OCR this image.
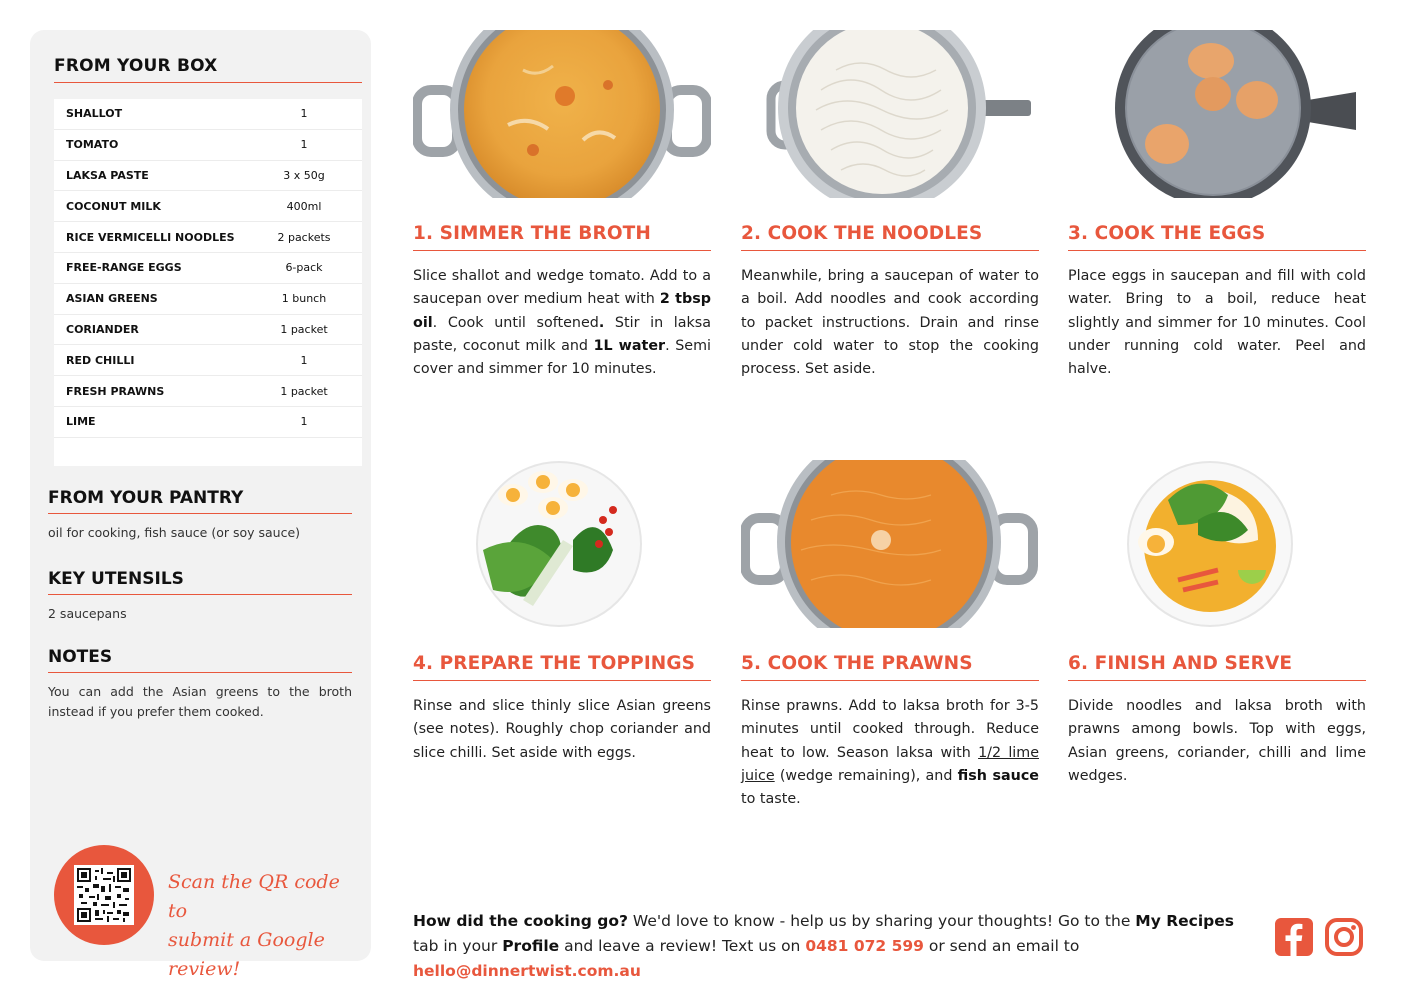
FROM YOUR BOX
SHALLOT	1
TOMATO	1
LAKSA PASTE	3 x 50g
COCONUT MILK	400ml
RICE VERMICELLI NOODLES	2 packets
FREE-RANGE EGGS	6-pack
ASIAN GREENS	1 bunch
CORIANDER	1 packet
RED CHILLI	1
FRESH PRAWNS	1 packet
LIME	1
FROM YOUR PANTRY
oil for cooking, fish sauce (or soy sauce)
KEY UTENSILS
2 saucepans
NOTES
You can add the Asian greens to the broth instead if you prefer them cooked.
Scan the QR code to
submit a Google review!
1. SIMMER THE BROTH
Slice shallot and wedge tomato. Add to a saucepan over medium heat with 2 tbsp oil. Cook until softened. Stir in laksa paste, coconut milk and 1L water. Semi cover and simmer for 10 minutes.
2. COOK THE NOODLES
Meanwhile, bring a saucepan of water to a boil. Add noodles and cook according to packet instructions. Drain and rinse under cold water to stop the cooking process. Set aside.
3. COOK THE EGGS
Place eggs in saucepan and fill with cold water. Bring to a boil, reduce heat slightly and simmer for 10 minutes. Cool under running cold water. Peel and halve.
4. PREPARE THE TOPPINGS
Rinse and slice thinly slice Asian greens (see notes). Roughly chop coriander and slice chilli. Set aside with eggs.
5. COOK THE PRAWNS
Rinse prawns. Add to laksa broth for 3-5 minutes until cooked through. Reduce heat to low. Season laksa with 1/2 lime juice (wedge remaining), and fish sauce to taste.
6. FINISH AND SERVE
Divide noodles and laksa broth with prawns among bowls. Top with eggs, Asian greens, coriander, chilli and lime wedges.
How did the cooking go? We'd love to know - help us by sharing your thoughts! Go to the My Recipes tab in your Profile and leave a review! Text us on 0481 072 599 or send an email to hello@dinnertwist.com.au
